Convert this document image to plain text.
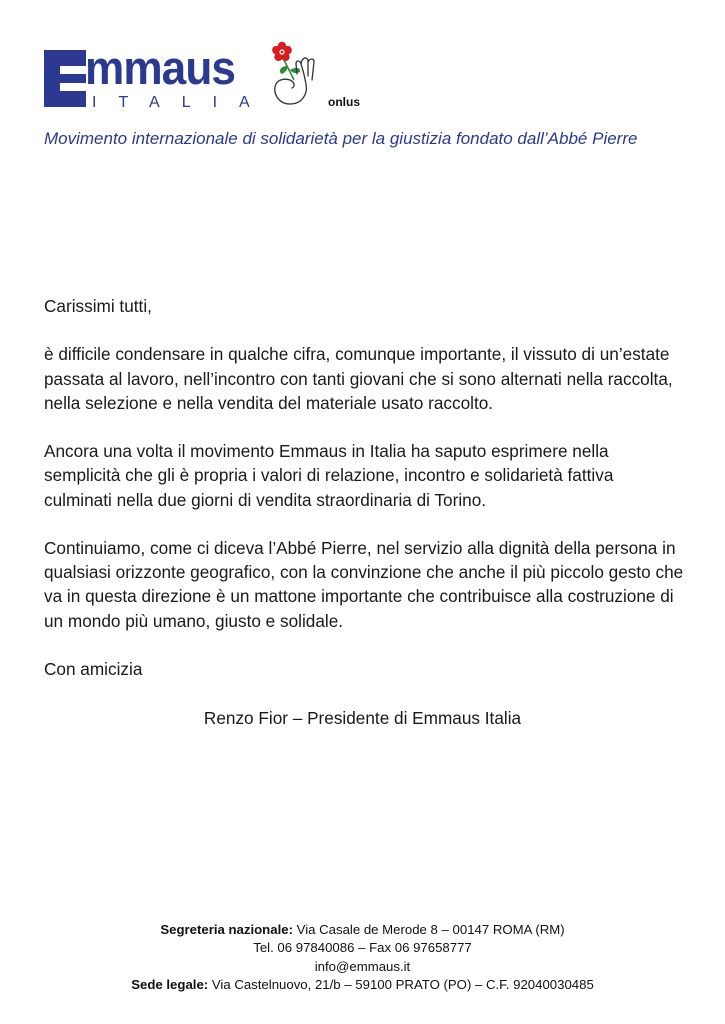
mmaus
ITALIA	onlus
Movimento internazionale di solidarietà per la giustizia fondato dall’Abbé Pierre

Carissimi tutti,

è difficile condensare in qualche cifra, comunque importante, il vissuto di un’estate passata al lavoro, nell’incontro con tanti giovani che si sono alternati nella raccolta, nella selezione e nella vendita del materiale usato raccolto.

Ancora una volta il movimento Emmaus in Italia ha saputo esprimere nella semplicità che gli è propria i valori di relazione, incontro e solidarietà fattiva culminati nella due giorni di vendita straordinaria di Torino.

Continuiamo, come ci diceva l’Abbé Pierre, nel servizio alla dignità della persona in qualsiasi orizzonte geografico, con la convinzione che anche il più piccolo gesto che va in questa direzione è un mattone importante che contribuisce alla costruzione di un mondo più umano, giusto e solidale.

Con amicizia

Renzo Fior – Presidente di Emmaus Italia
Segreteria nazionale: Via Casale de Merode 8 – 00147 ROMA (RM)
Tel. 06 97840086 – Fax 06 97658777
info@emmaus.it
Sede legale: Via Castelnuovo, 21/b – 59100 PRATO (PO) – C.F. 92040030485
